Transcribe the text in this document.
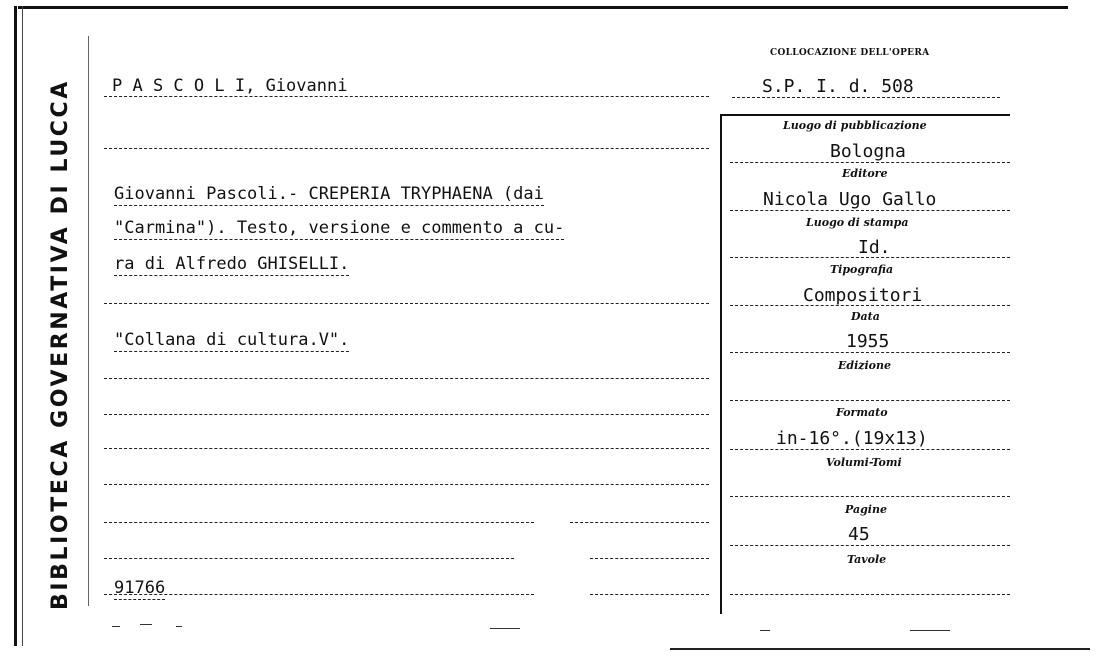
BIBLIOTECA GOVERNATIVA DI LUCCA P A S C O L I, Giovanni
COLLOCAZIONE DELL'OPERA
S.P. I. d. 508
Giovanni Pascoli.- CREPERIA TRYPHAENA (dai
"Carmina"). Testo, versione e commento a cu-
ra di Alfredo GHISELLI.
"Collana di cultura.V".
91766
Luogo di pubblicazione
Bologna
Editore
Nicola Ugo Gallo
Luogo di stampa
Id.
Tipografia
Compositori
Data
1955
Edizione
Formato
in-16°.(19x13)
Volumi-Tomi
Pagine
45
Tavole
